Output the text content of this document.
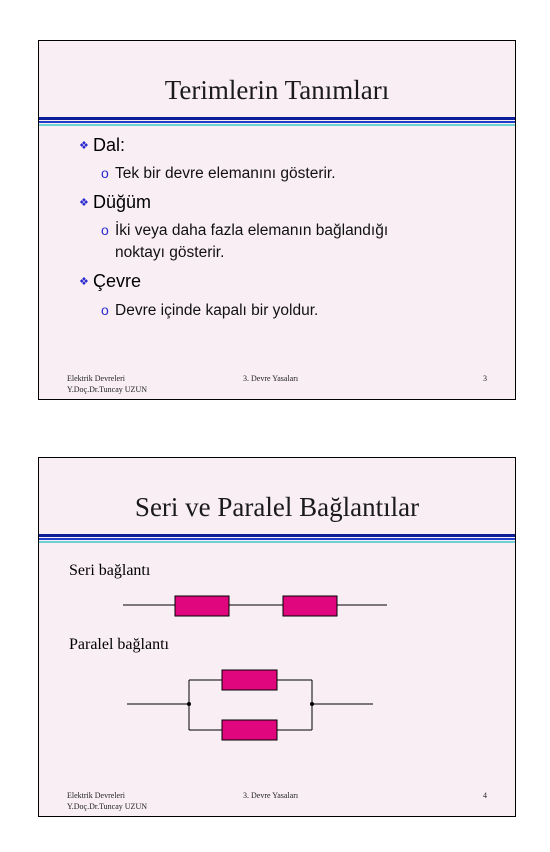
Terimlerin Tanımları
❖ Dal:
o Tek bir devre elemanını gösterir.
❖ Düğüm
o İki veya daha fazla elemanın bağlandığı
noktayı gösterir.
❖ Çevre
o Devre içinde kapalı bir yoldur.
Elektrik Devreleri
Y.Doç.Dr.Tuncay UZUN
3. Devre Yasaları	3
Seri ve Paralel Bağlantılar
Seri bağlantı
Paralel bağlantı
Elektrik Devreleri
Y.Doç.Dr.Tuncay UZUN
3. Devre Yasaları	4
